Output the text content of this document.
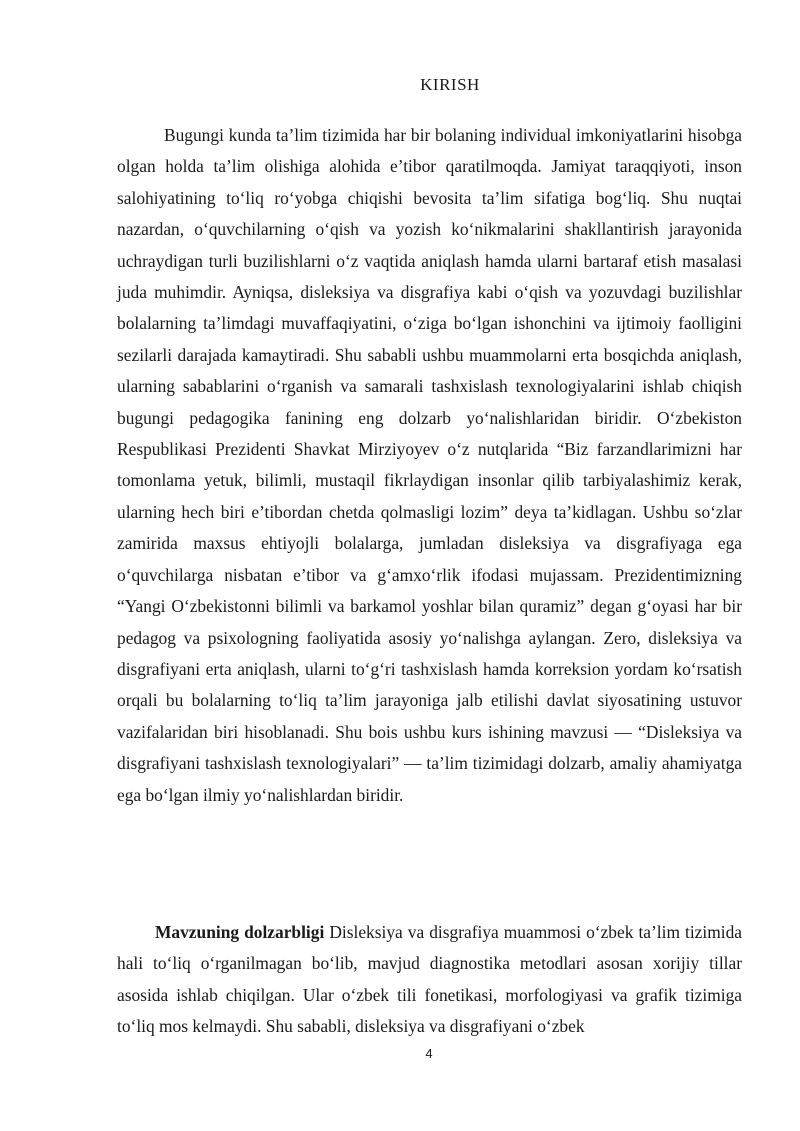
KIRISH
Bugungi kunda ta’lim tizimida har bir bolaning individual imkoniyatlarini hisobga olgan holda ta’lim olishiga alohida e’tibor qaratilmoqda. Jamiyat taraqqiyoti, inson salohiyatining to‘liq ro‘yobga chiqishi bevosita ta’lim sifatiga bog‘liq. Shu nuqtai nazardan, o‘quvchilarning o‘qish va yozish ko‘nikmalarini shakllantirish jarayonida uchraydigan turli buzilishlarni o‘z vaqtida aniqlash hamda ularni bartaraf etish masalasi juda muhimdir. Ayniqsa, disleksiya va disgrafiya kabi o‘qish va yozuvdagi buzilishlar bolalarning ta’limdagi muvaffaqiyatini, o‘ziga bo‘lgan ishonchini va ijtimoiy faolligini sezilarli darajada kamaytiradi. Shu sababli ushbu muammolarni erta bosqichda aniqlash, ularning sabablarini o‘rganish va samarali tashxislash texnologiyalarini ishlab chiqish bugungi pedagogika fanining eng dolzarb yo‘nalishlaridan biridir. O‘zbekiston Respublikasi Prezidenti Shavkat Mirziyoyev o‘z nutqlarida “Biz farzandlarimizni har tomonlama yetuk, bilimli, mustaqil fikrlaydigan insonlar qilib tarbiyalashimiz kerak, ularning hech biri e’tibordan chetda qolmasligi lozim” deya ta’kidlagan. Ushbu so‘zlar zamirida maxsus ehtiyojli bolalarga, jumladan disleksiya va disgrafiyaga ega o‘quvchilarga nisbatan e’tibor va g‘amxo‘rlik ifodasi mujassam. Prezidentimizning “Yangi O‘zbekistonni bilimli va barkamol yoshlar bilan quramiz” degan g‘oyasi har bir pedagog va psixologning faoliyatida asosiy yo‘nalishga aylangan. Zero, disleksiya va disgrafiyani erta aniqlash, ularni to‘g‘ri tashxislash hamda korreksion yordam ko‘rsatish orqali bu bolalarning to‘liq ta’lim jarayoniga jalb etilishi davlat siyosatining ustuvor vazifalaridan biri hisoblanadi. Shu bois ushbu kurs ishining mavzusi — “Disleksiya va disgrafiyani tashxislash texnologiyalari” — ta’lim tizimidagi dolzarb, amaliy ahamiyatga ega bo‘lgan ilmiy yo‘nalishlardan biridir.
Mavzuning dolzarbligi Disleksiya va disgrafiya muammosi o‘zbek ta’lim tizimida hali to‘liq o‘rganilmagan bo‘lib, mavjud diagnostika metodlari asosan xorijiy tillar asosida ishlab chiqilgan. Ular o‘zbek tili fonetikasi, morfologiyasi va grafik tizimiga to‘liq mos kelmaydi. Shu sababli, disleksiya va disgrafiyani o‘zbek
4
